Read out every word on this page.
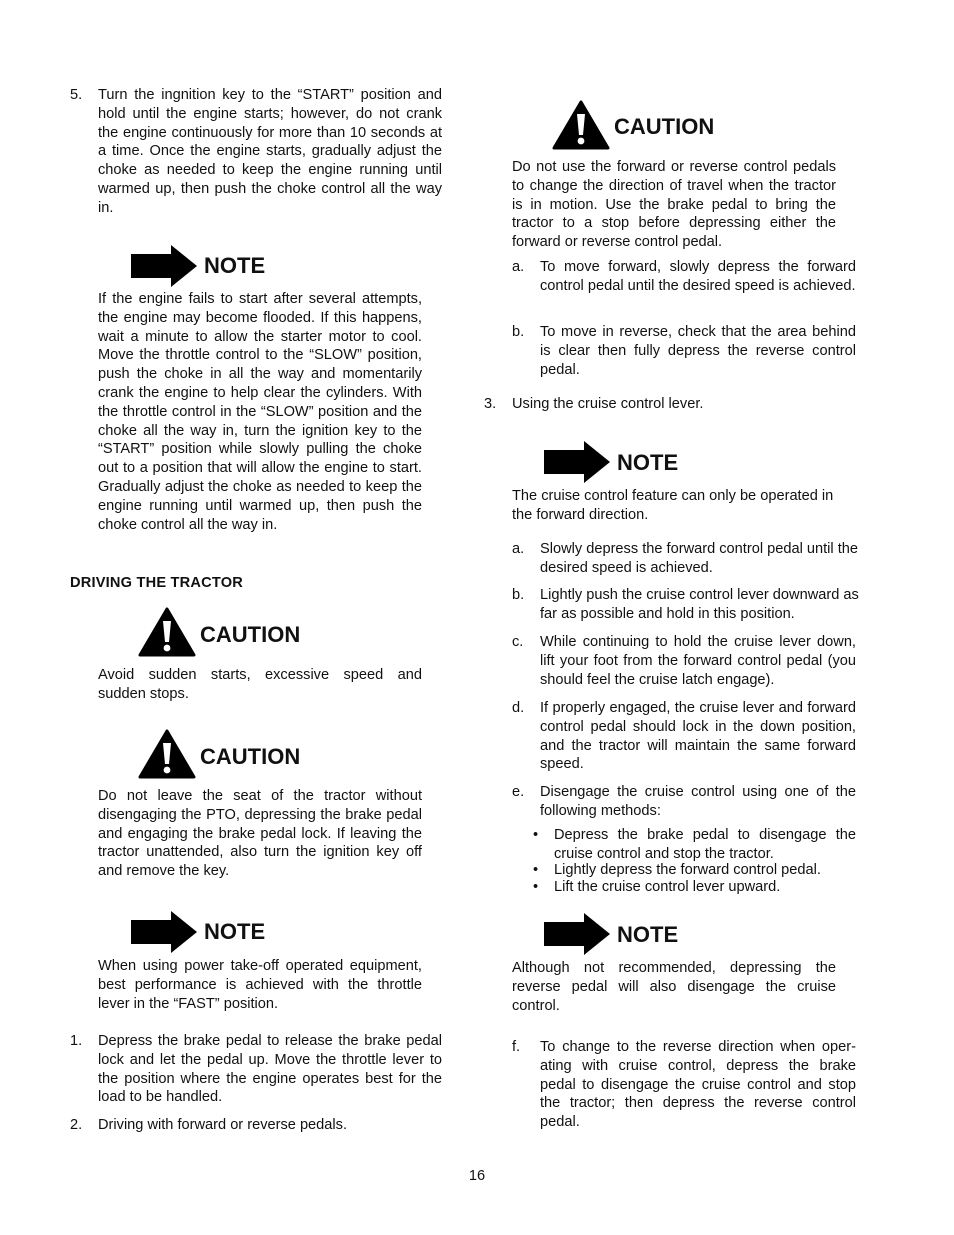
5. Turn the ingnition key to the “START” position and hold until the engine starts; however, do not crank the engine continuously for more than 10 seconds at a time. Once the engine starts, gradually adjust the choke as needed to keep the engine running until warmed up, then push the choke control all the way in.

NOTE

If the engine fails to start after several attempts, the engine may become flooded. If this happens, wait a minute to allow the starter motor to cool. Move the throttle control to the “SLOW” position, push the choke in all the way and momentarily crank the engine to help clear the cylinders. With the throttle control in the “SLOW” position and the choke all the way in, turn the ignition key to the “START” position while slowly pulling the choke out to a position that will allow the engine to start. Gradually adjust the choke as needed to keep the engine running until warmed up, then push the choke control all the way in.

DRIVING THE TRACTOR

CAUTION

Avoid sudden starts, excessive speed and sudden stops.

CAUTION

Do not leave the seat of the tractor without disengaging the PTO, depressing the brake pedal and engaging the brake pedal lock. If leaving the tractor unattended, also turn the ignition key off and remove the key.

NOTE

When using power take-off operated equipment, best performance is achieved with the throttle lever in the “FAST” position.

1. Depress the brake pedal to release the brake pedal lock and let the pedal up. Move the throttle lever to the position where the engine operates best for the load to be handled.

2. Driving with forward or reverse pedals.

CAUTION

Do not use the forward or reverse control pedals to change the direction of travel when the tractor is in motion. Use the brake pedal to bring the tractor to a stop before depressing either the forward or reverse control pedal.

a. To move forward, slowly depress the forward control pedal until the desired speed is achieved.

b. To move in reverse, check that the area behind is clear then fully depress the reverse control pedal.

3. Using the cruise control lever.

NOTE

The cruise control feature can only be operated in the forward direction.

a. Slowly depress the forward control pedal until the desired speed is achieved.

b. Lightly push the cruise control lever downward as far as possible and hold in this position.

c. While continuing to hold the cruise lever down, lift your foot from the forward control pedal (you should feel the cruise latch engage).

d. If properly engaged, the cruise lever and forward control pedal should lock in the down position, and the tractor will maintain the same forward speed.

e. Disengage the cruise control using one of the following methods:

• Depress the brake pedal to disengage the cruise control and stop the tractor.

• Lightly depress the forward control pedal.

• Lift the cruise control lever upward.

NOTE

Although not recommended, depressing the reverse pedal will also disengage the cruise control.

f. To change to the reverse direction when operating with cruise control, depress the brake pedal to disengage the cruise control and stop the tractor; then depress the reverse control pedal.

16
